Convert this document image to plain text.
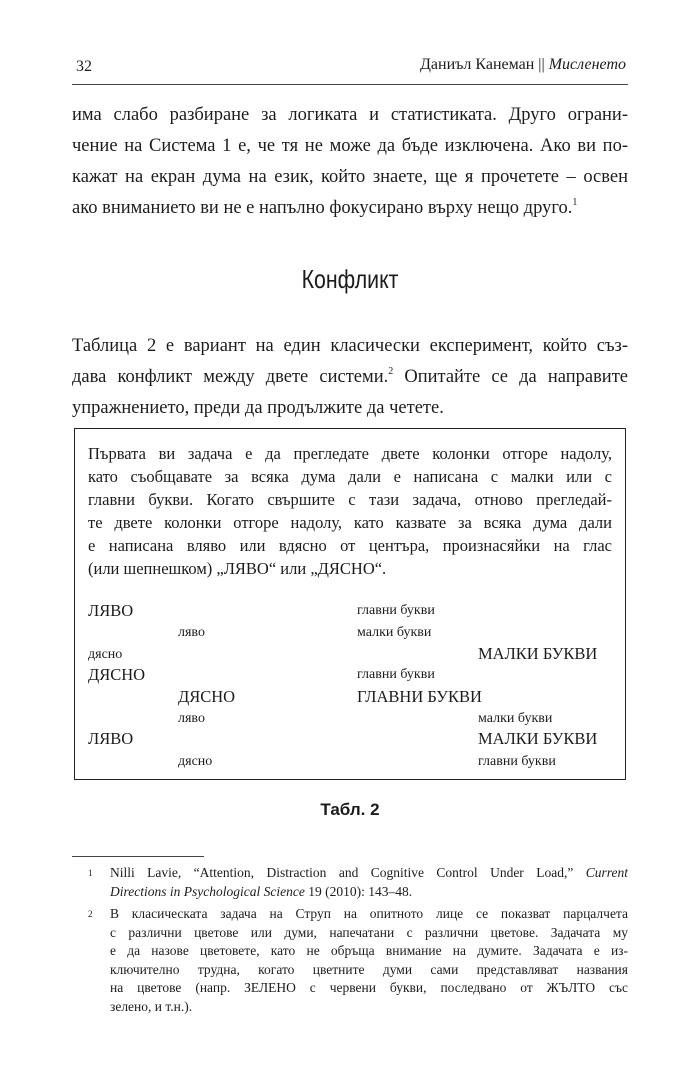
32	Даниъл Канеман || Мисленето
има слабо разбиране за логиката и статистиката. Друго ограни-
чение на Система 1 е, че тя не може да бъде изключена. Ако ви по-
кажат на екран дума на език, който знаете, ще я прочетете – освен
ако вниманието ви не е напълно фокусирано върху нещо друго.$^1$
Конфликт
Таблица 2 е вариант на един класически експеримент, който съз-
дава конфликт между двете системи.$^2$ Опитайте се да направите
упражнението, преди да продължите да четете.
Първата ви задача е да прегледате двете колонки отгоре надолу,
като съобщавате за всяка дума дали е написана с малки или с
главни букви. Когато свършите с тази задача, отново прегледай-
те двете колонки отгоре надолу, като казвате за всяка дума дали
е написана вляво или вдясно от центъра, произнасяйки на глас
(или шепнешком) „ЛЯВО“ или „ДЯСНО“.
ЛЯВО
ляво
дясно
ДЯСНО
ДЯСНО
ляво
ЛЯВО
дясно
главни букви
малки букви
МАЛКИ БУКВИ
главни букви
ГЛАВНИ БУКВИ
малки букви
МАЛКИ БУКВИ
главни букви
Табл. 2
1 Nilli Lavie, “Attention, Distraction and Cognitive Control Under Load,” Current
Directions in Psychological Science 19 (2010): 143–48.
2 В класическата задача на Струп на опитното лице се показват парцалчета
с различни цветове или думи, напечатани с различни цветове. Задачата му
е да назове цветовете, като не обръща внимание на думите. Задачата е из-
ключително трудна, когато цветните думи сами представляват названия
на цветове (напр. ЗЕЛЕНО с червени букви, последвано от ЖЪЛТО със
зелено, и т.н.).
